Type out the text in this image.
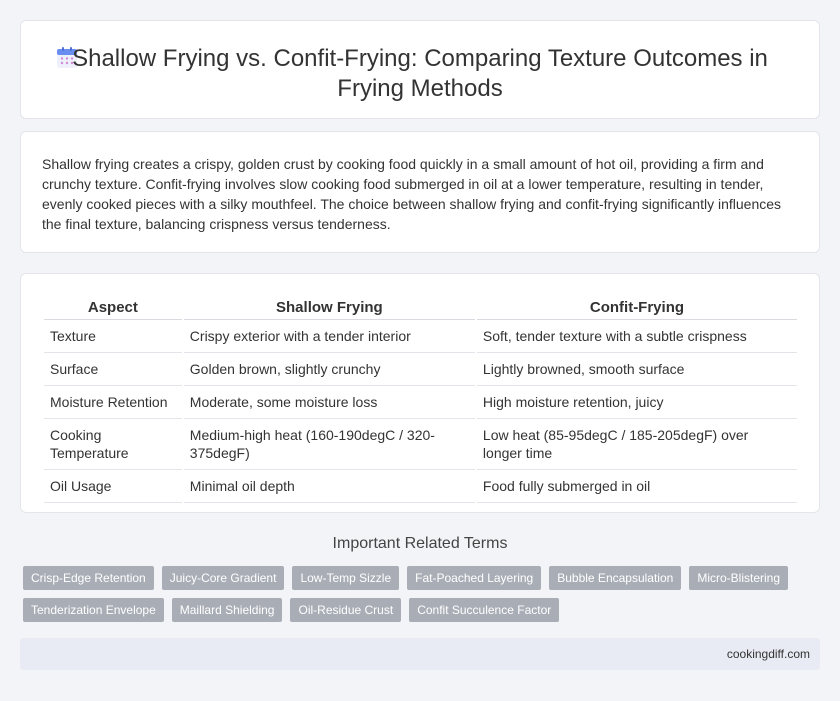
Shallow Frying vs. Confit-Frying: Comparing Texture Outcomes in Frying Methods

Shallow frying creates a crispy, golden crust by cooking food quickly in a small amount of hot oil, providing a firm and crunchy texture. Confit-frying involves slow cooking food submerged in oil at a lower temperature, resulting in tender, evenly cooked pieces with a silky mouthfeel. The choice between shallow frying and confit-frying significantly influences the final texture, balancing crispness versus tenderness.

Aspect	Shallow Frying	Confit-Frying
Texture	Crispy exterior with a tender interior	Soft, tender texture with a subtle crispness
Surface	Golden brown, slightly crunchy	Lightly browned, smooth surface
Moisture Retention	Moderate, some moisture loss	High moisture retention, juicy
Cooking Temperature	Medium-high heat (160-190degC / 320-375degF)	Low heat (85-95degC / 185-205degF) over longer time
Oil Usage	Minimal oil depth	Food fully submerged in oil
Important Related Terms
Crisp-Edge Retention	Juicy-Core Gradient	Low-Temp Sizzle	Fat-Poached Layering	Bubble Encapsulation	Micro-Blistering
Tenderization Envelope	Maillard Shielding	Oil-Residue Crust	Confit Succulence Factor
cookingdiff.com
